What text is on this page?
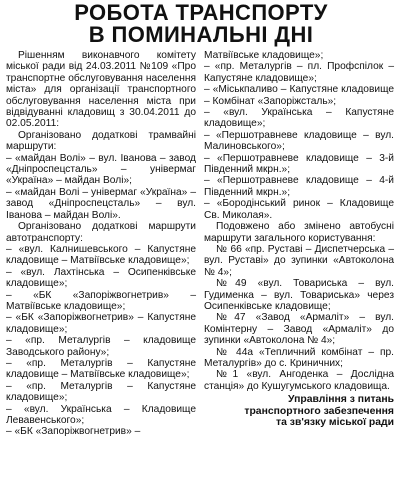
РОБОТА ТРАНСПОРТУ
В ПОМИНАЛЬНІ ДНІ

Рішенням виконавчого комітету міської ради від 24.03.2011 №109 «Про транспортне обслуговування населення міста» для організації транспортного обслуговування населення міста при відвідуванні кладовищ з 30.04.2011 до 02.05.2011:

Організовано додаткові трамвайні маршрути:

– «майдан Волі» – вул. Іванова – завод «Дніпроспецсталь» – універмаг «Україна» – майдан Волі»;

– «майдан Волі – універмаг «Україна» – завод «Дніпроспецсталь» – вул. Іванова – майдан Волі».

Організовано додаткові маршрути автотранспорту:

– «вул. Калнишевського – Капустяне кладовище – Матвіївське кладовище»;

– «вул. Лахтінська – Осипенківське кладовище»;

– «БК «Запоріжвогнетрив» – Матвіївське кладовище»;

– «БК «Запоріжвогнетрив» – Капустяне кладовище»;

– «пр. Металургів – кладовище Заводського району»;

– «пр. Металургів – Капустяне кладовище – Матвіївське кладовище»;

– «пр. Металургів – Капустяне кладовище»;

– «вул. Українська – Кладовище Левавенського»;

– «БК «Запоріжвогнетрив» –

Матвіївське кладовище»;

– «пр. Металургів – пл. Профспілок – Капустяне кладовище»;

– «Міськпаливо – Капустяне кладовище – Комбінат «Запоріжсталь»;

– «вул. Українська – Капустяне кладовище»;

– «Першотравневе кладовище – вул. Малиновського»;

– «Першотравневе кладовище – 3-й Південний мкрн.»;

– «Першотравневе кладовище – 4-й Південний мкрн.»;

– «Бородінський ринок – Кладовище Св. Миколая».

Подовжено або змінено автобусні маршрути загального користування:

№ 66 «пр. Руставі – Диспетчерська – вул. Руставі» до зупинки «Автоколона № 4»;

№49 «вул. Товариська – вул. Гудименка – вул. Товариська» через Осипенківське кладовище;

№47 «Завод «Армаліт» – вул. Комінтерну – Завод «Армаліт» до зупинки «Автоколона № 4»;

№ 44а «Тепличний комбінат – пр. Металургів» до с. Криничних;

№1 «вул. Ангоденка – Дослідна станція» до Кушугумського кладовища.

Управління з питань
транспортного забезпечення
та зв'язку міської ради
